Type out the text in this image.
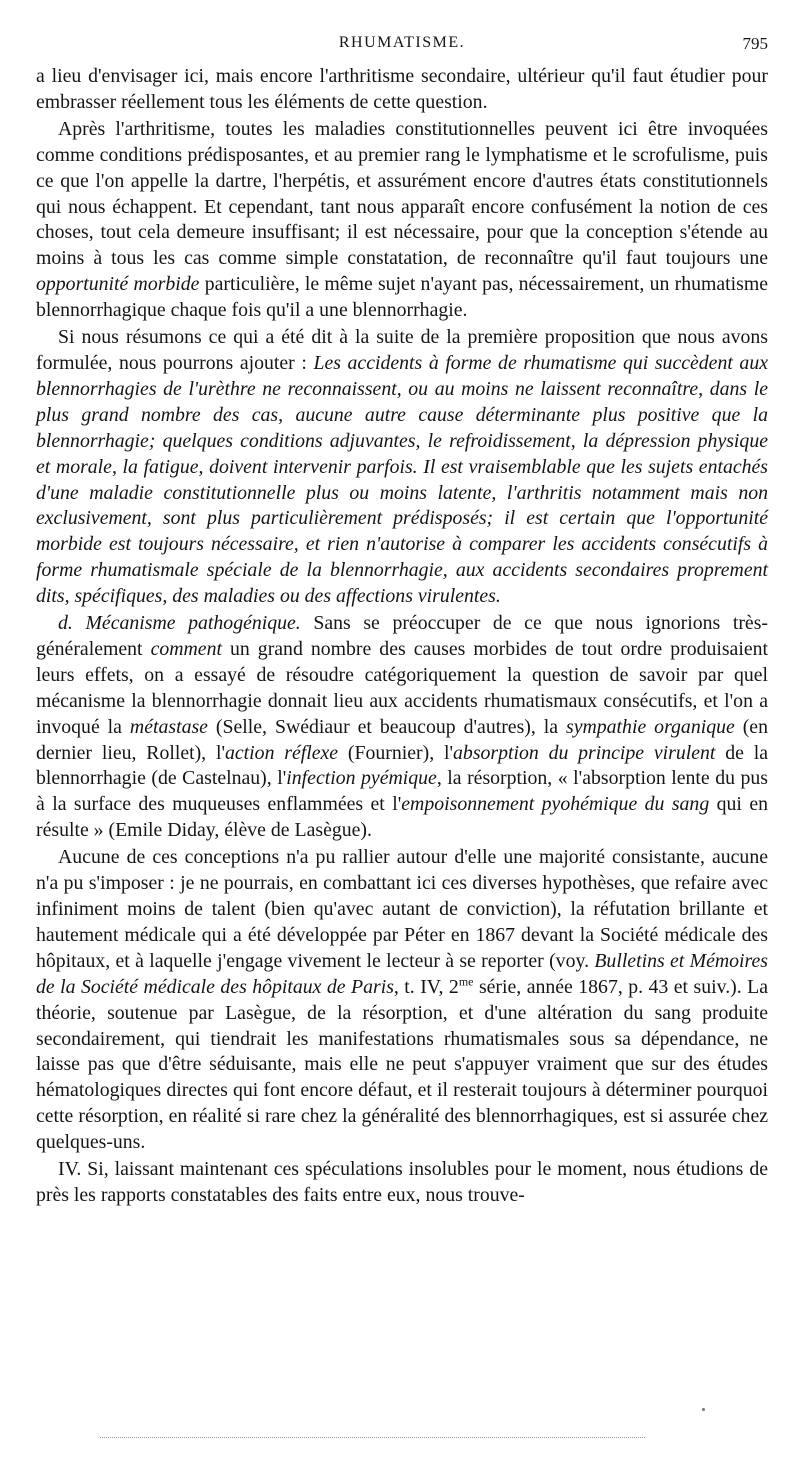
RHUMATISME.	795

a lieu d'envisager ici, mais encore l'arthritisme secondaire, ultérieur qu'il faut étudier pour embrasser réellement tous les éléments de cette question.

Après l'arthritisme, toutes les maladies constitutionnelles peuvent ici être invoquées comme conditions prédisposantes, et au premier rang le lymphatisme et le scrofulisme, puis ce que l'on appelle la dartre, l'herpétis, et assurément encore d'autres états constitutionnels qui nous échappent. Et cependant, tant nous apparaît encore confusément la notion de ces choses, tout cela demeure insuffisant; il est nécessaire, pour que la conception s'étende au moins à tous les cas comme simple constatation, de reconnaître qu'il faut toujours une opportunité morbide particulière, le même sujet n'ayant pas, nécessairement, un rhumatisme blennorrhagique chaque fois qu'il a une blennorrhagie.

Si nous résumons ce qui a été dit à la suite de la première proposition que nous avons formulée, nous pourrons ajouter : Les accidents à forme de rhumatisme qui succèdent aux blennorrhagies de l'urèthre ne reconnaissent, ou au moins ne laissent reconnaître, dans le plus grand nombre des cas, aucune autre cause déterminante plus positive que la blennorrhagie; quelques conditions adjuvantes, le refroidissement, la dépression physique et morale, la fatigue, doivent intervenir parfois. Il est vraisemblable que les sujets entachés d'une maladie constitutionnelle plus ou moins latente, l'arthritis notamment mais non exclusivement, sont plus particulièrement prédisposés; il est certain que l'opportunité morbide est toujours nécessaire, et rien n'autorise à comparer les accidents consécutifs à forme rhumatismale spéciale de la blennorrhagie, aux accidents secondaires proprement dits, spécifiques, des maladies ou des affections virulentes.

d. Mécanisme pathogénique. Sans se préoccuper de ce que nous ignorions très-généralement comment un grand nombre des causes morbides de tout ordre produisaient leurs effets, on a essayé de résoudre catégoriquement la question de savoir par quel mécanisme la blennorrhagie donnait lieu aux accidents rhumatismaux consécutifs, et l'on a invoqué la métastase (Selle, Swédiaur et beaucoup d'autres), la sympathie organique (en dernier lieu, Rollet), l'action réflexe (Fournier), l'absorption du principe virulent de la blennorrhagie (de Castelnau), l'infection pyémique, la résorption, « l'absorption lente du pus à la surface des muqueuses enflammées et l'empoisonnement pyohémique du sang qui en résulte » (Emile Diday, élève de Lasègue).

Aucune de ces conceptions n'a pu rallier autour d'elle une majorité consistante, aucune n'a pu s'imposer : je ne pourrais, en combattant ici ces diverses hypothèses, que refaire avec infiniment moins de talent (bien qu'avec autant de conviction), la réfutation brillante et hautement médicale qui a été développée par Péter en 1867 devant la Société médicale des hôpitaux, et à laquelle j'engage vivement le lecteur à se reporter (voy. Bulletins et Mémoires de la Société médicale des hôpitaux de Paris, t. IV, $2^{me}$ série, année 1867, p. 43 et suiv.). La théorie, soutenue par Lasègue, de la résorption, et d'une altération du sang produite secondairement, qui tiendrait les manifestations rhumatismales sous sa dépendance, ne laisse pas que d'être séduisante, mais elle ne peut s'appuyer vraiment que sur des études hématologiques directes qui font encore défaut, et il resterait toujours à déterminer pourquoi cette résorption, en réalité si rare chez la généralité des blennorrhagiques, est si assurée chez quelques-uns.

IV. Si, laissant maintenant ces spéculations insolubles pour le moment, nous étudions de près les rapports constatables des faits entre eux, nous trouve-
